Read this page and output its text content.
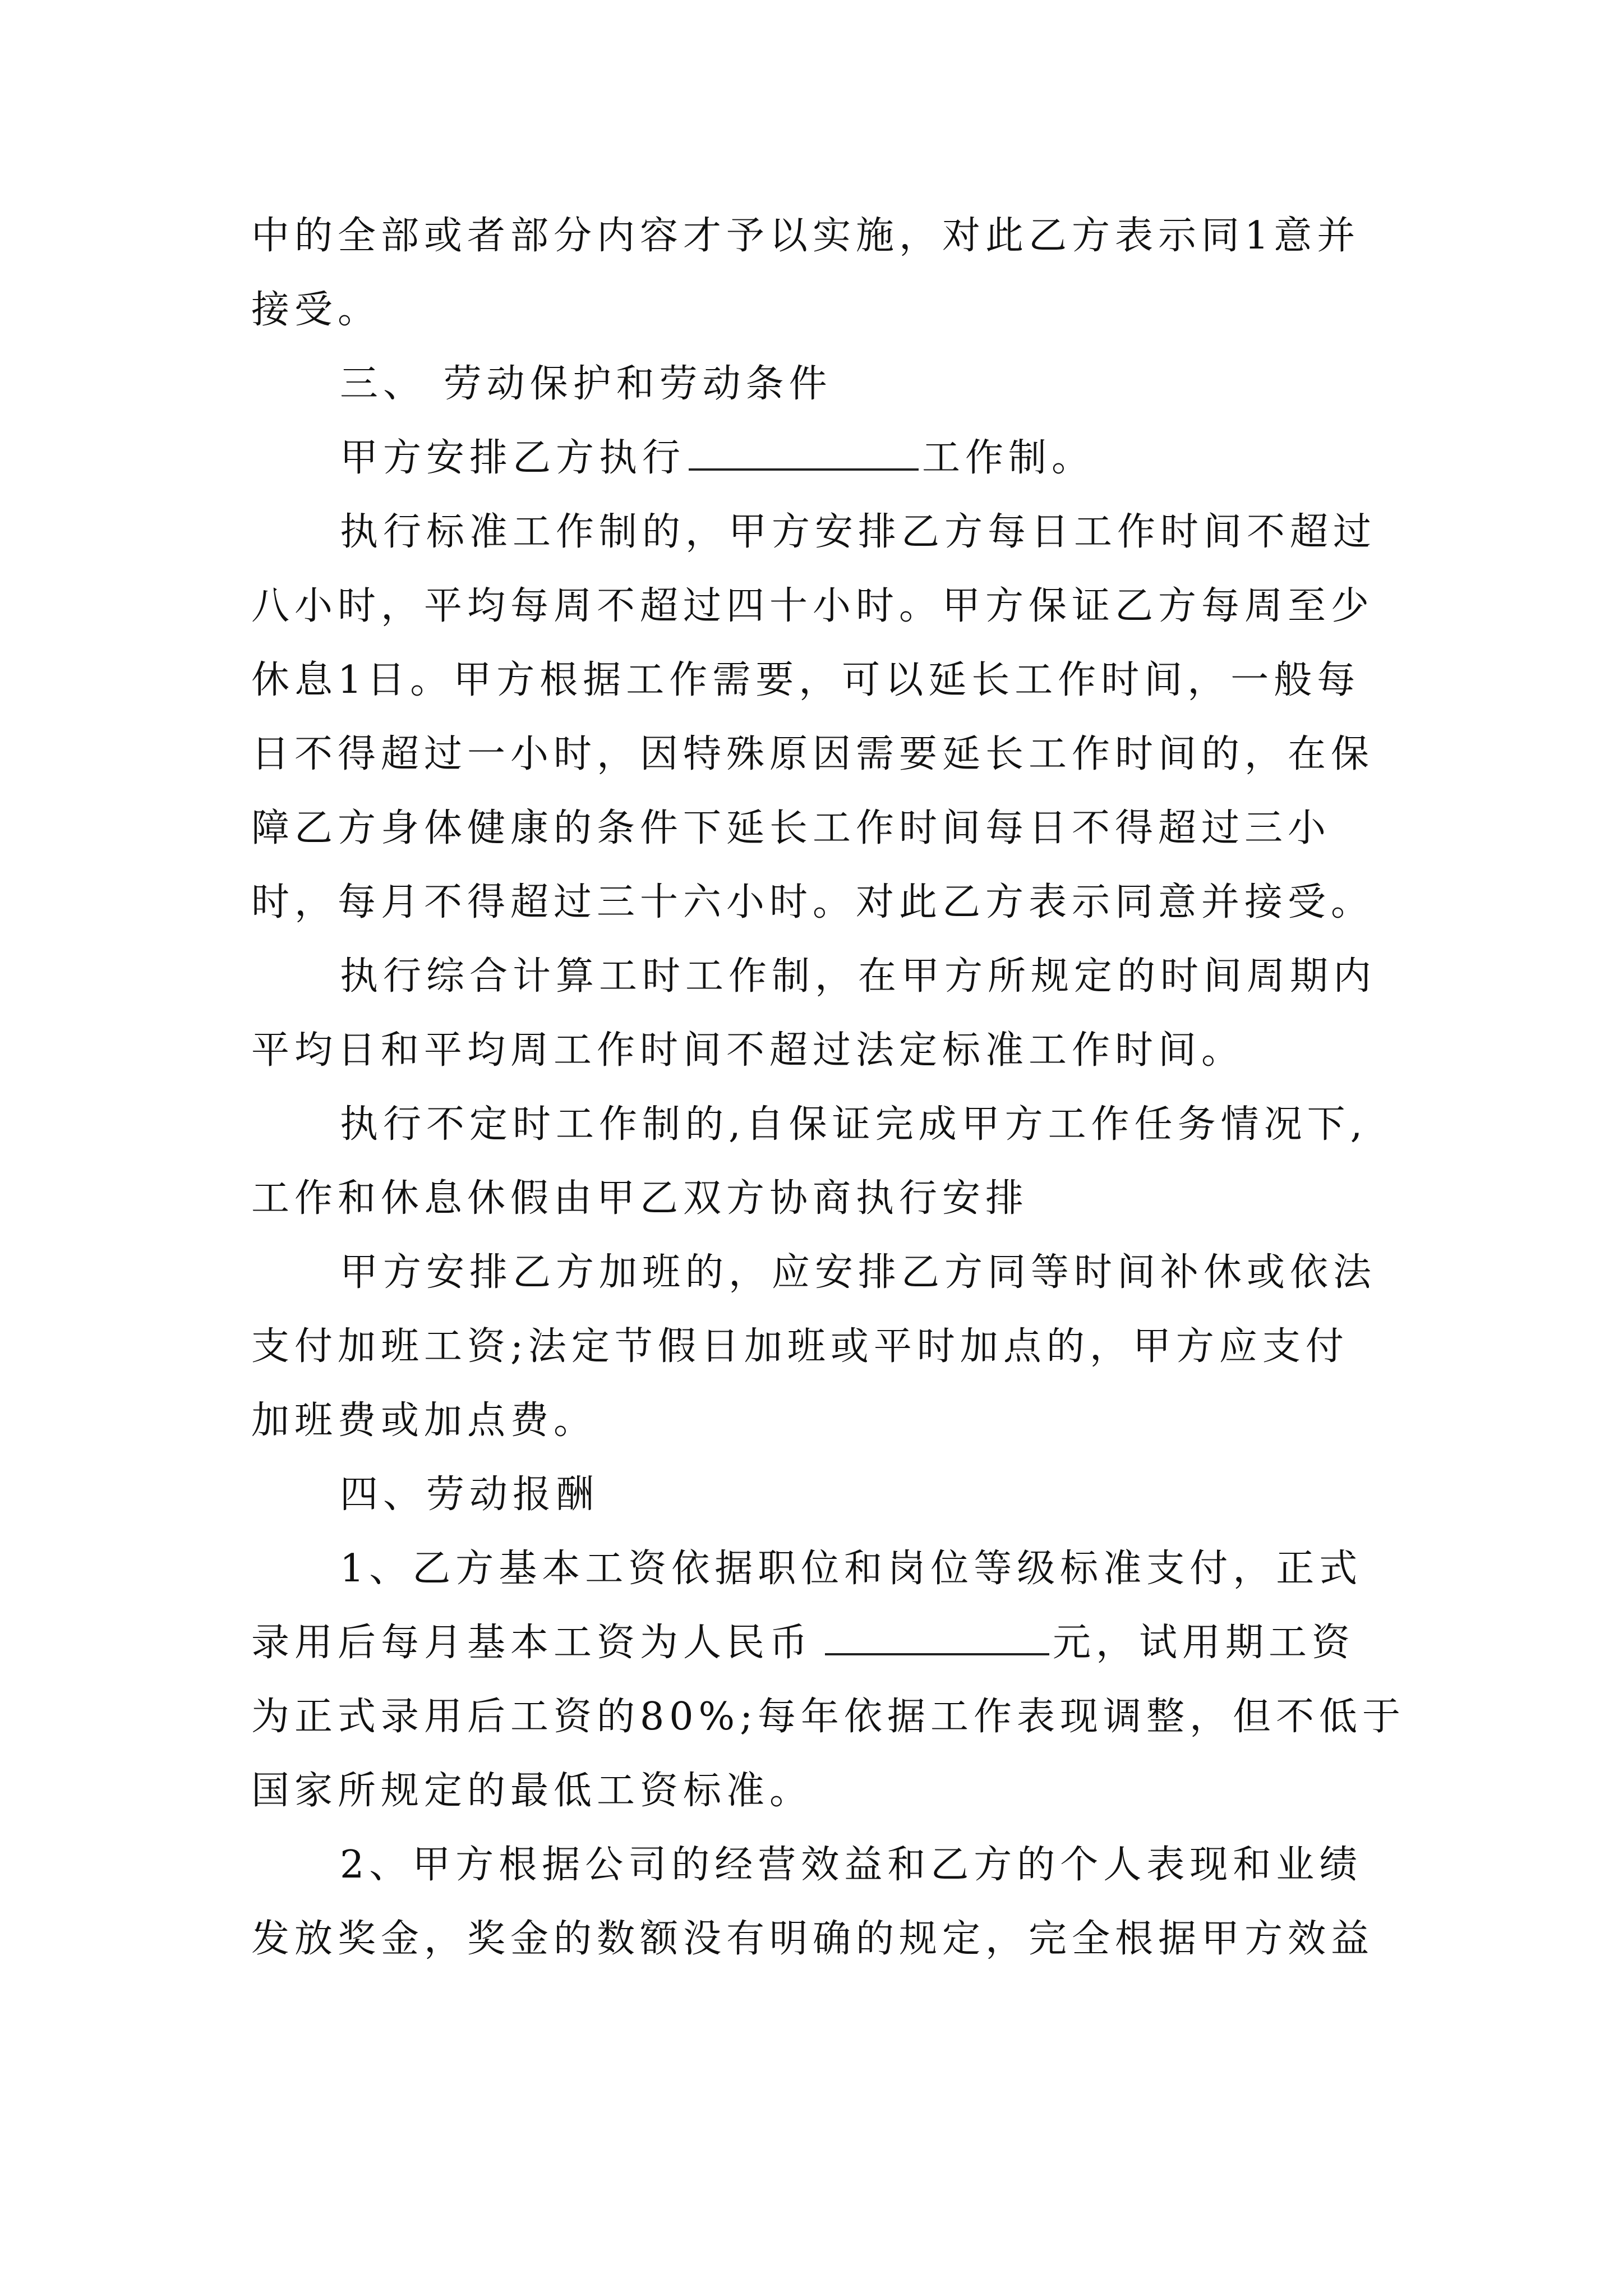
中的全部或者部分内容才予以实施，对此乙方表示同1意并
接受。
三、 劳动保护和劳动条件
甲方安排乙方执行	工作制。
执行标准工作制的，甲方安排乙方每日工作时间不超过
八小时，平均每周不超过四十小时。甲方保证乙方每周至少
休息1日。甲方根据工作需要，可以延长工作时间，一般每
日不得超过一小时，因特殊原因需要延长工作时间的，在保
障乙方身体健康的条件下延长工作时间每日不得超过三小
时，每月不得超过三十六小时。对此乙方表示同意并接受。
执行综合计算工时工作制，在甲方所规定的时间周期内
平均日和平均周工作时间不超过法定标准工作时间。
执行不定时工作制的,自保证完成甲方工作任务情况下,
工作和休息休假由甲乙双方协商执行安排
甲方安排乙方加班的，应安排乙方同等时间补休或依法
支付加班工资;法定节假日加班或平时加点的，甲方应支付
加班费或加点费。
四、劳动报酬
1、乙方基本工资依据职位和岗位等级标准支付，正式
录用后每月基本工资为人民币	元，试用期工资
为正式录用后工资的80%;每年依据工作表现调整，但不低于
国家所规定的最低工资标准。
2、甲方根据公司的经营效益和乙方的个人表现和业绩
发放奖金，奖金的数额没有明确的规定，完全根据甲方效益
